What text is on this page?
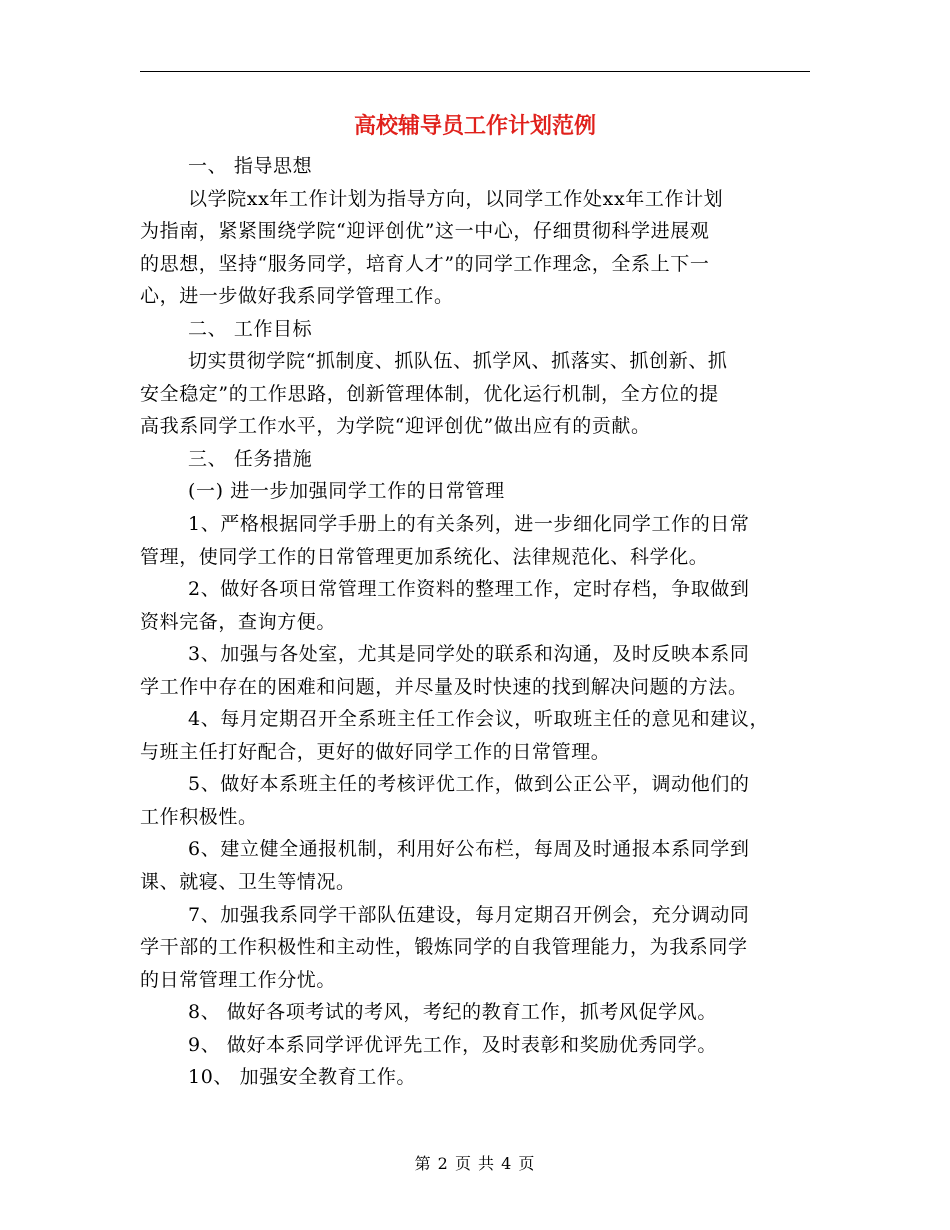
高校辅导员工作计划范例
一、 指导思想
以学院xx年工作计划为指导方向，以同学工作处xx年工作计划
为指南，紧紧围绕学院“迎评创优”这一中心，仔细贯彻科学进展观
的思想，坚持“服务同学，培育人才”的同学工作理念，全系上下一
心，进一步做好我系同学管理工作。
二、 工作目标
切实贯彻学院“抓制度、抓队伍、抓学风、抓落实、抓创新、抓
安全稳定”的工作思路，创新管理体制，优化运行机制，全方位的提
高我系同学工作水平，为学院“迎评创优”做出应有的贡献。
三、 任务措施
(一) 进一步加强同学工作的日常管理
1、严格根据同学手册上的有关条列，进一步细化同学工作的日常
管理，使同学工作的日常管理更加系统化、法律规范化、科学化。
2、做好各项日常管理工作资料的整理工作，定时存档，争取做到
资料完备，查询方便。
3、加强与各处室，尤其是同学处的联系和沟通，及时反映本系同
学工作中存在的困难和问题，并尽量及时快速的找到解决问题的方法。
4、每月定期召开全系班主任工作会议，听取班主任的意见和建议，
与班主任打好配合，更好的做好同学工作的日常管理。
5、做好本系班主任的考核评优工作，做到公正公平，调动他们的
工作积极性。
6、建立健全通报机制，利用好公布栏，每周及时通报本系同学到
课、就寝、卫生等情况。
7、加强我系同学干部队伍建设，每月定期召开例会，充分调动同
学干部的工作积极性和主动性，锻炼同学的自我管理能力，为我系同学
的日常管理工作分忧。
8、 做好各项考试的考风，考纪的教育工作，抓考风促学风。
9、 做好本系同学评优评先工作，及时表彰和奖励优秀同学。
10、 加强安全教育工作。
第 2 页 共 4 页
